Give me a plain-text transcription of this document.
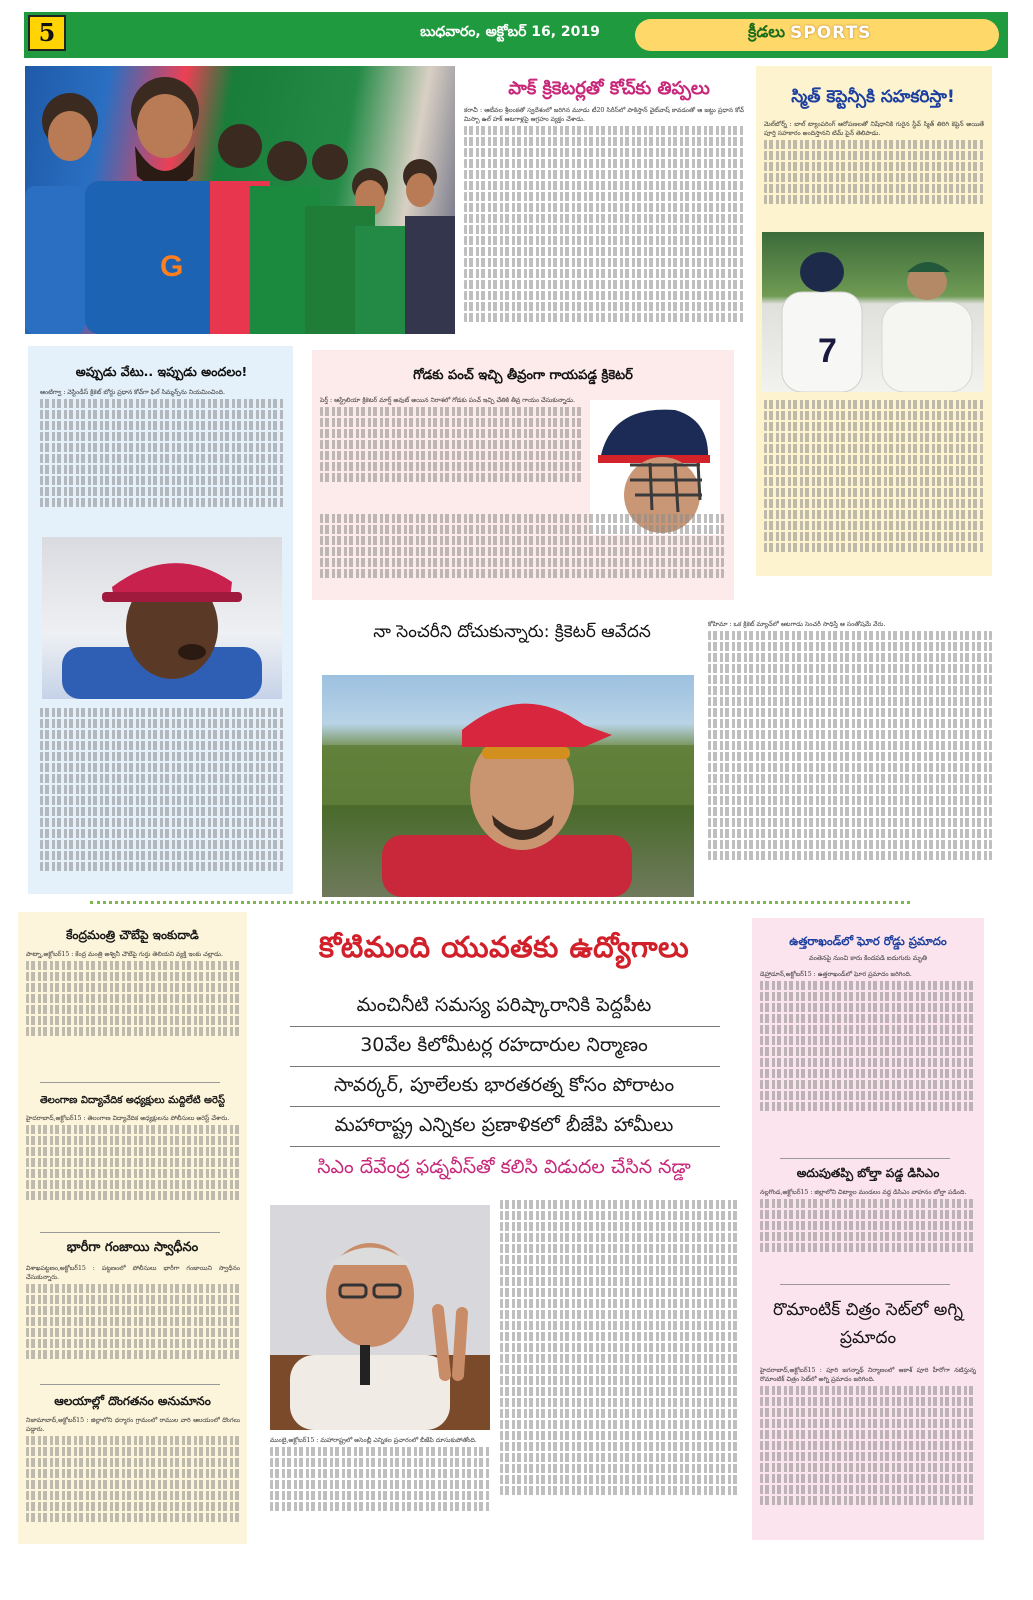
5	బుధవారం, అక్టోబర్ 16, 2019	క్రీడలు SPORTS
G
పాక్ క్రికెటర్లతో కోచ్‌కు తిప్పలు
కరాచీ : ఆటీవల శ్రీలంకతో స్వదేశంలో జరిగిన మూడు టీ20 సిరీస్‌లో పాకిస్తాన్ వైట్‌వాష్ కావడంతో ఆ జట్టు ప్రధాన కోచ్ మిస్బా ఉల్ హక్ ఆటగాళ్లపై ఆగ్రహం వ్యక్తం చేశాడు.
స్మిత్ కెప్టెన్సీకి సహకరిస్తా!
మెల్‌బోర్న్ : బాల్ ట్యాంపరింగ్ ఆరోపణలతో నిషేధానికి గురైన స్టీవ్ స్మిత్ తిరిగి కెప్టెన్ అయితే పూర్తి సహకారం అందిస్తానని టిమ్ పైన్ తెలిపాడు.
7
అప్పుడు వేటు.. ఇప్పుడు అందలం!
ఆంటిగ్వా : వెస్టిండీస్ క్రికెట్ బోర్డు ప్రధాన కోచ్‌గా ఫిల్ సిమ్మన్స్‌ను నియమించింది.
గోడకు పంచ్ ఇచ్చి తీవ్రంగా గాయపడ్డ క్రికెటర్
పెర్త్ : ఆస్ట్రేలియా క్రికెటర్ మార్ష్ అవుట్ అయిన నిరాశలో గోడకు పంచ్ ఇచ్చి చేతికి తీవ్ర గాయం చేసుకున్నాడు.
నా సెంచరీని దోచుకున్నారు: క్రికెటర్ ఆవేదన	కోహిమా : ఒక క్రికెట్ మ్యాచ్‌లో ఆటగాడు సెంచరీ సాధిస్తే ఆ సంతోషమే వేరు.
కేంద్రమంత్రి చౌబేపై ఇంకుదాడి
పాట్నా,అక్టోబర్15 : కేంద్ర మంత్రి అశ్వినీ చౌబేపై గుర్తు తెలియని వ్యక్తి ఇంకు చల్లాడు.
తెలంగాణ విద్యావేదిక అధ్యక్షులు మద్దిలేటి అరెస్ట్
హైదరాబాద్,అక్టోబర్15 : తెలంగాణ విద్యావేదిక అధ్యక్షులను పోలీసులు అరెస్ట్ చేశారు.
భారీగా గంజాయి స్వాధీనం
విశాఖపట్టణం,అక్టోబర్15 : పట్టణంలో పోలీసులు భారీగా గంజాయిని స్వాధీనం చేసుకున్నారు.
ఆలయాల్లో దొంగతనం అనుమానం
నిజామాబాద్,అక్టోబర్15 : జిల్లాలోని ధర్మారం గ్రామంలో రాముల వారి ఆలయంలో దొంగలు పడ్డారు.
కోటిమంది యువతకు ఉద్యోగాలు
మంచినీటి సమస్య పరిష్కారానికి పెద్దపీట
30వేల కిలోమీటర్ల రహదారుల నిర్మాణం
సావర్కర్, పూలేలకు భారతరత్న కోసం పోరాటం
మహారాష్ట్ర ఎన్నికల ప్రణాళికలో బీజేపి హామీలు
సిఎం దేవేంద్ర ఫడ్నవీస్‌తో కలిసి విడుదల చేసిన నడ్డా
ముంబై,అక్టోబర్15 : మహారాష్ట్రలో అసెంబ్లీ ఎన్నికల ప్రచారంలో బీజేపి దూసుకుపోతోంది.
ఉత్తరాఖండ్‌లో ఘోర రోడ్డు ప్రమాదం
వంతెనపై నుంచి కారు కిందపడి ఐదుగురు మృతి
డెహ్రాడూన్,అక్టోబర్15 : ఉత్తరాఖండ్‌లో ఘోర ప్రమాదం జరిగింది.
అదుపుతప్పి బోల్తా పడ్డ డిసిఎం
నల్లగొండ,అక్టోబర్15 : జిల్లాలోని చిట్యాల మండలం వద్ద డిసిఎం వాహనం బోల్తా పడింది.
రొమాంటిక్ చిత్రం సెట్‌లో అగ్ని ప్రమాదం
హైదరాబాద్,అక్టోబర్15 : పూరి జగన్నాథ్ నిర్మాణంలో ఆకాశ్ పూరి హీరోగా నటిస్తున్న రొమాంటిక్ చిత్రం సెట్‌లో అగ్ని ప్రమాదం జరిగింది.
